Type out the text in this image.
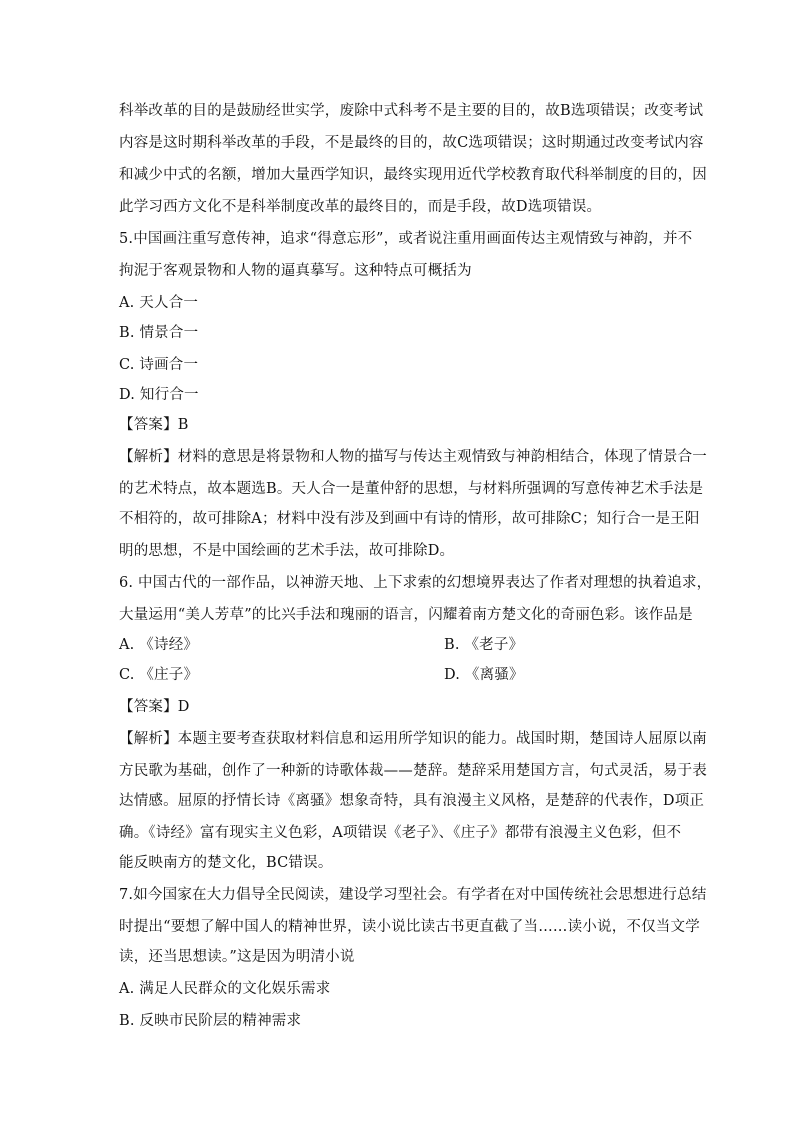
科举改革的目的是鼓励经世实学，废除中式科考不是主要的目的，故B选项错误；改变考试
内容是这时期科举改革的手段，不是最终的目的，故C选项错误；这时期通过改变考试内容
和减少中式的名额，增加大量西学知识，最终实现用近代学校教育取代科举制度的目的，因
此学习西方文化不是科举制度改革的最终目的，而是手段，故D选项错误。
5.中国画注重写意传神，追求“得意忘形”，或者说注重用画面传达主观情致与神韵，并不
拘泥于客观景物和人物的逼真摹写。这种特点可概括为
A. 天人合一
B. 情景合一
C. 诗画合一
D. 知行合一
【答案】B
【解析】材料的意思是将景物和人物的描写与传达主观情致与神韵相结合，体现了情景合一
的艺术特点，故本题选B。天人合一是董仲舒的思想，与材料所强调的写意传神艺术手法是
不相符的，故可排除A；材料中没有涉及到画中有诗的情形，故可排除C；知行合一是王阳
明的思想，不是中国绘画的艺术手法，故可排除D。
6. 中国古代的一部作品，以神游天地、上下求索的幻想境界表达了作者对理想的执着追求，
大量运用“美人芳草”的比兴手法和瑰丽的语言，闪耀着南方楚文化的奇丽色彩。该作品是
A. 《诗经》	B. 《老子》
C. 《庄子》	D. 《离骚》
【答案】D
【解析】本题主要考查获取材料信息和运用所学知识的能力。战国时期，楚国诗人屈原以南
方民歌为基础，创作了一种新的诗歌体裁——楚辞。楚辞采用楚国方言，句式灵活，易于表
达情感。屈原的抒情长诗《离骚》想象奇特，具有浪漫主义风格，是楚辞的代表作，D项正
确。《诗经》富有现实主义色彩，A项错误《老子》、《庄子》都带有浪漫主义色彩，但不
能反映南方的楚文化，BC错误。
7.如今国家在大力倡导全民阅读，建设学习型社会。有学者在对中国传统社会思想进行总结
时提出“要想了解中国人的精神世界，读小说比读古书更直截了当……读小说，不仅当文学
读，还当思想读。”这是因为明清小说
A. 满足人民群众的文化娱乐需求
B. 反映市民阶层的精神需求
